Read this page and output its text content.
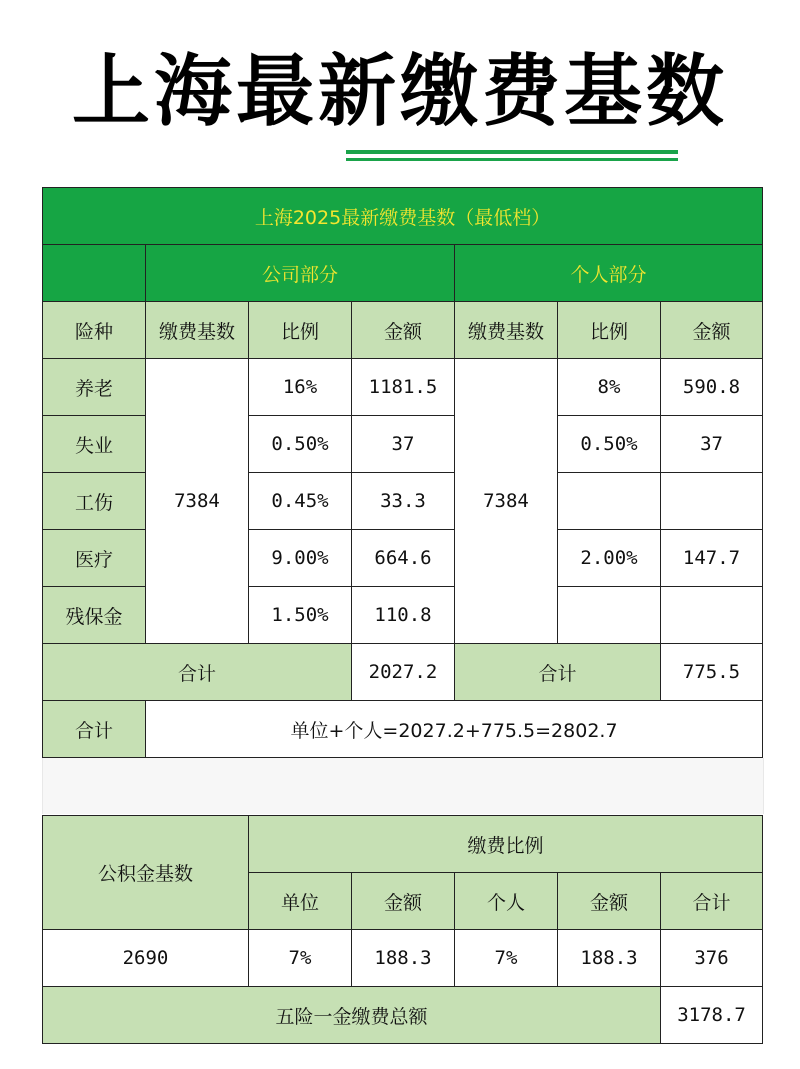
上海最新缴费基数
上海2025最新缴费基数（最低档）						
	公司部分			个人部分		
险种	缴费基数	比例	金额	缴费基数	比例	金额
养老	7384	16%	1181.5	7384	8%	590.8
失业		0.50%	37		0.50%	37
工伤		0.45%	33.3			
医疗		9.00%	664.6		2.00%	147.7
残保金		1.50%	110.8			
合计			2027.2	合计		775.5
合计	单位+个人=2027.2+775.5=2802.7					
公积金基数	缴费比例				
	单位	金额	个人	金额	合计
2690	7%	188.3	7%	188.3	376
五险一金缴费总额					3178.7
